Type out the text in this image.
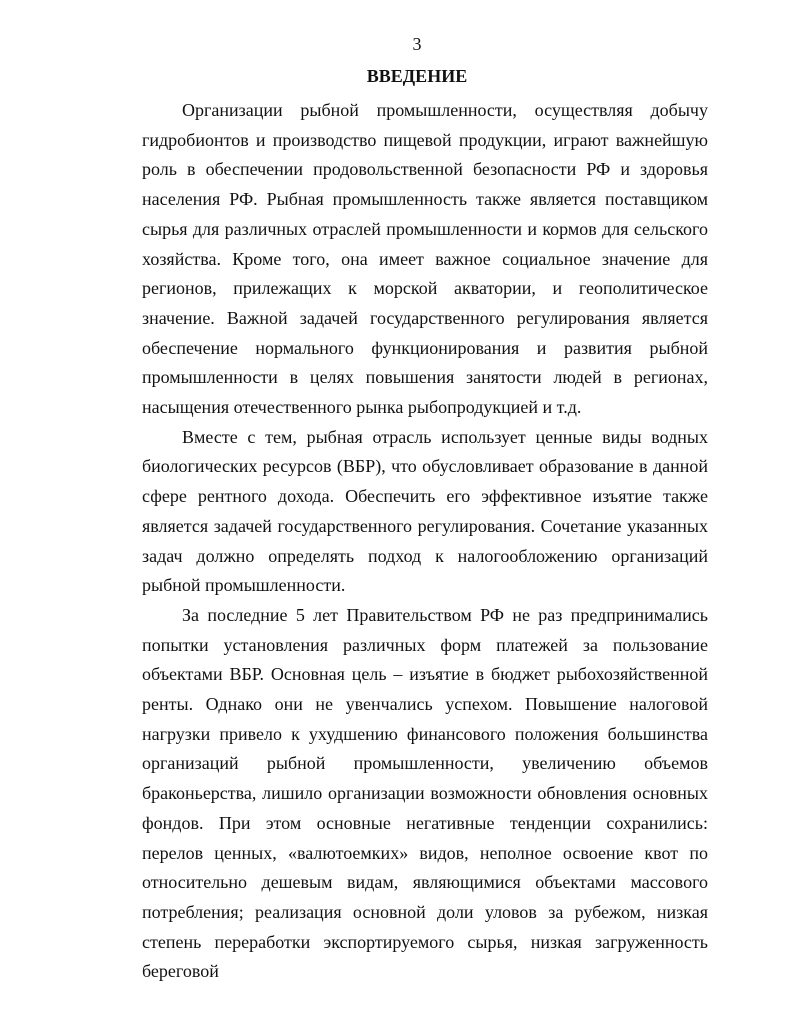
3
ВВЕДЕНИЕ

Организации рыбной промышленности, осуществляя добычу гидробионтов и производство пищевой продукции, играют важнейшую роль в обеспечении продовольственной безопасности РФ и здоровья населения РФ. Рыбная промышленность также является поставщиком сырья для различных отраслей промышленности и кормов для сельского хозяйства. Кроме того, она имеет важное социальное значение для регионов, прилежащих к морской акватории, и геополитическое значение. Важной задачей государственного регулирования является обеспечение нормального функционирования и развития рыбной промышленности в целях повышения занятости людей в регионах, насыщения отечественного рынка рыбопродукцией и т.д.

Вместе с тем, рыбная отрасль использует ценные виды водных биологических ресурсов (ВБР), что обусловливает образование в данной сфере рентного дохода. Обеспечить его эффективное изъятие также является задачей государственного регулирования. Сочетание указанных задач должно определять подход к налогообложению организаций рыбной промышленности.

За последние 5 лет Правительством РФ не раз предпринимались попытки установления различных форм платежей за пользование объектами ВБР. Основная цель – изъятие в бюджет рыбохозяйственной ренты. Однако они не увенчались успехом. Повышение налоговой нагрузки привело к ухудшению финансового положения большинства организаций рыбной промышленности, увеличению объемов браконьерства, лишило организации возможности обновления основных фондов. При этом основные негативные тенденции сохранились: перелов ценных, «валютоемких» видов, неполное освоение квот по относительно дешевым видам, являющимися объектами массового потребления; реализация основной доли уловов за рубежом, низкая степень переработки экспортируемого сырья, низкая загруженность береговой
